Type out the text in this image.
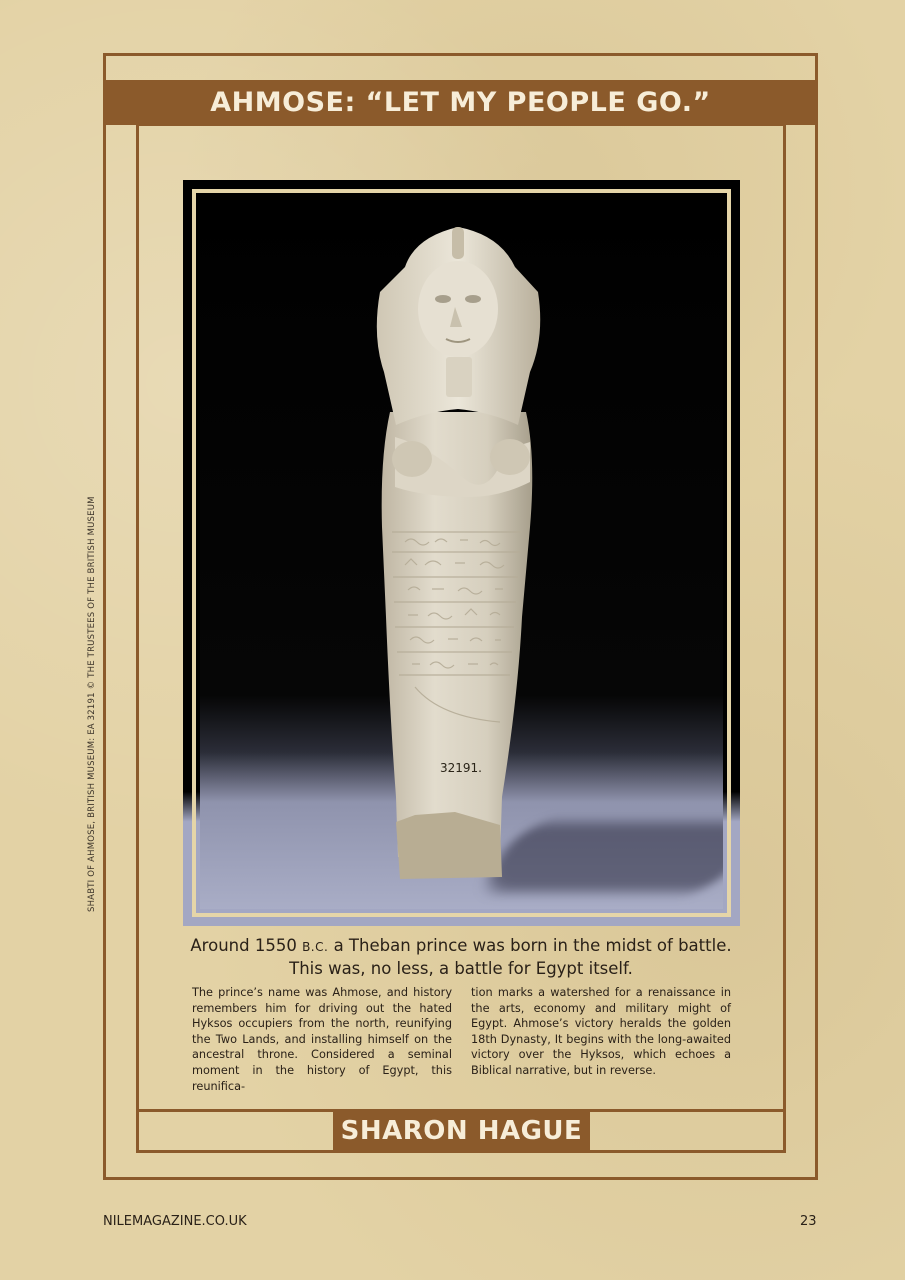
AHMOSE: “LET MY PEOPLE GO.”
32191.
SHABTI OF AHMOSE, BRITISH MUSEUM: EA 32191 © THE TRUSTEES OF THE BRITISH MUSEUM
Around 1550 B.C. a Theban prince was born in the midst of battle.
This was, no less, a battle for Egypt itself.
The prince’s name was Ahmose, and history remembers him for driving out the hated Hyksos occupiers from the north, reunifying the Two Lands, and installing himself on the ancestral throne. Considered a seminal moment in the history of Egypt, this reunifica-
tion marks a watershed for a renaissance in the arts, economy and military might of Egypt. Ahmose’s victory heralds the golden 18th Dynasty, It begins with the long-awaited victory over the Hyksos, which echoes a Biblical narrative, but in reverse.
SHARON HAGUE
NILEMAGAZINE.CO.UK	23
